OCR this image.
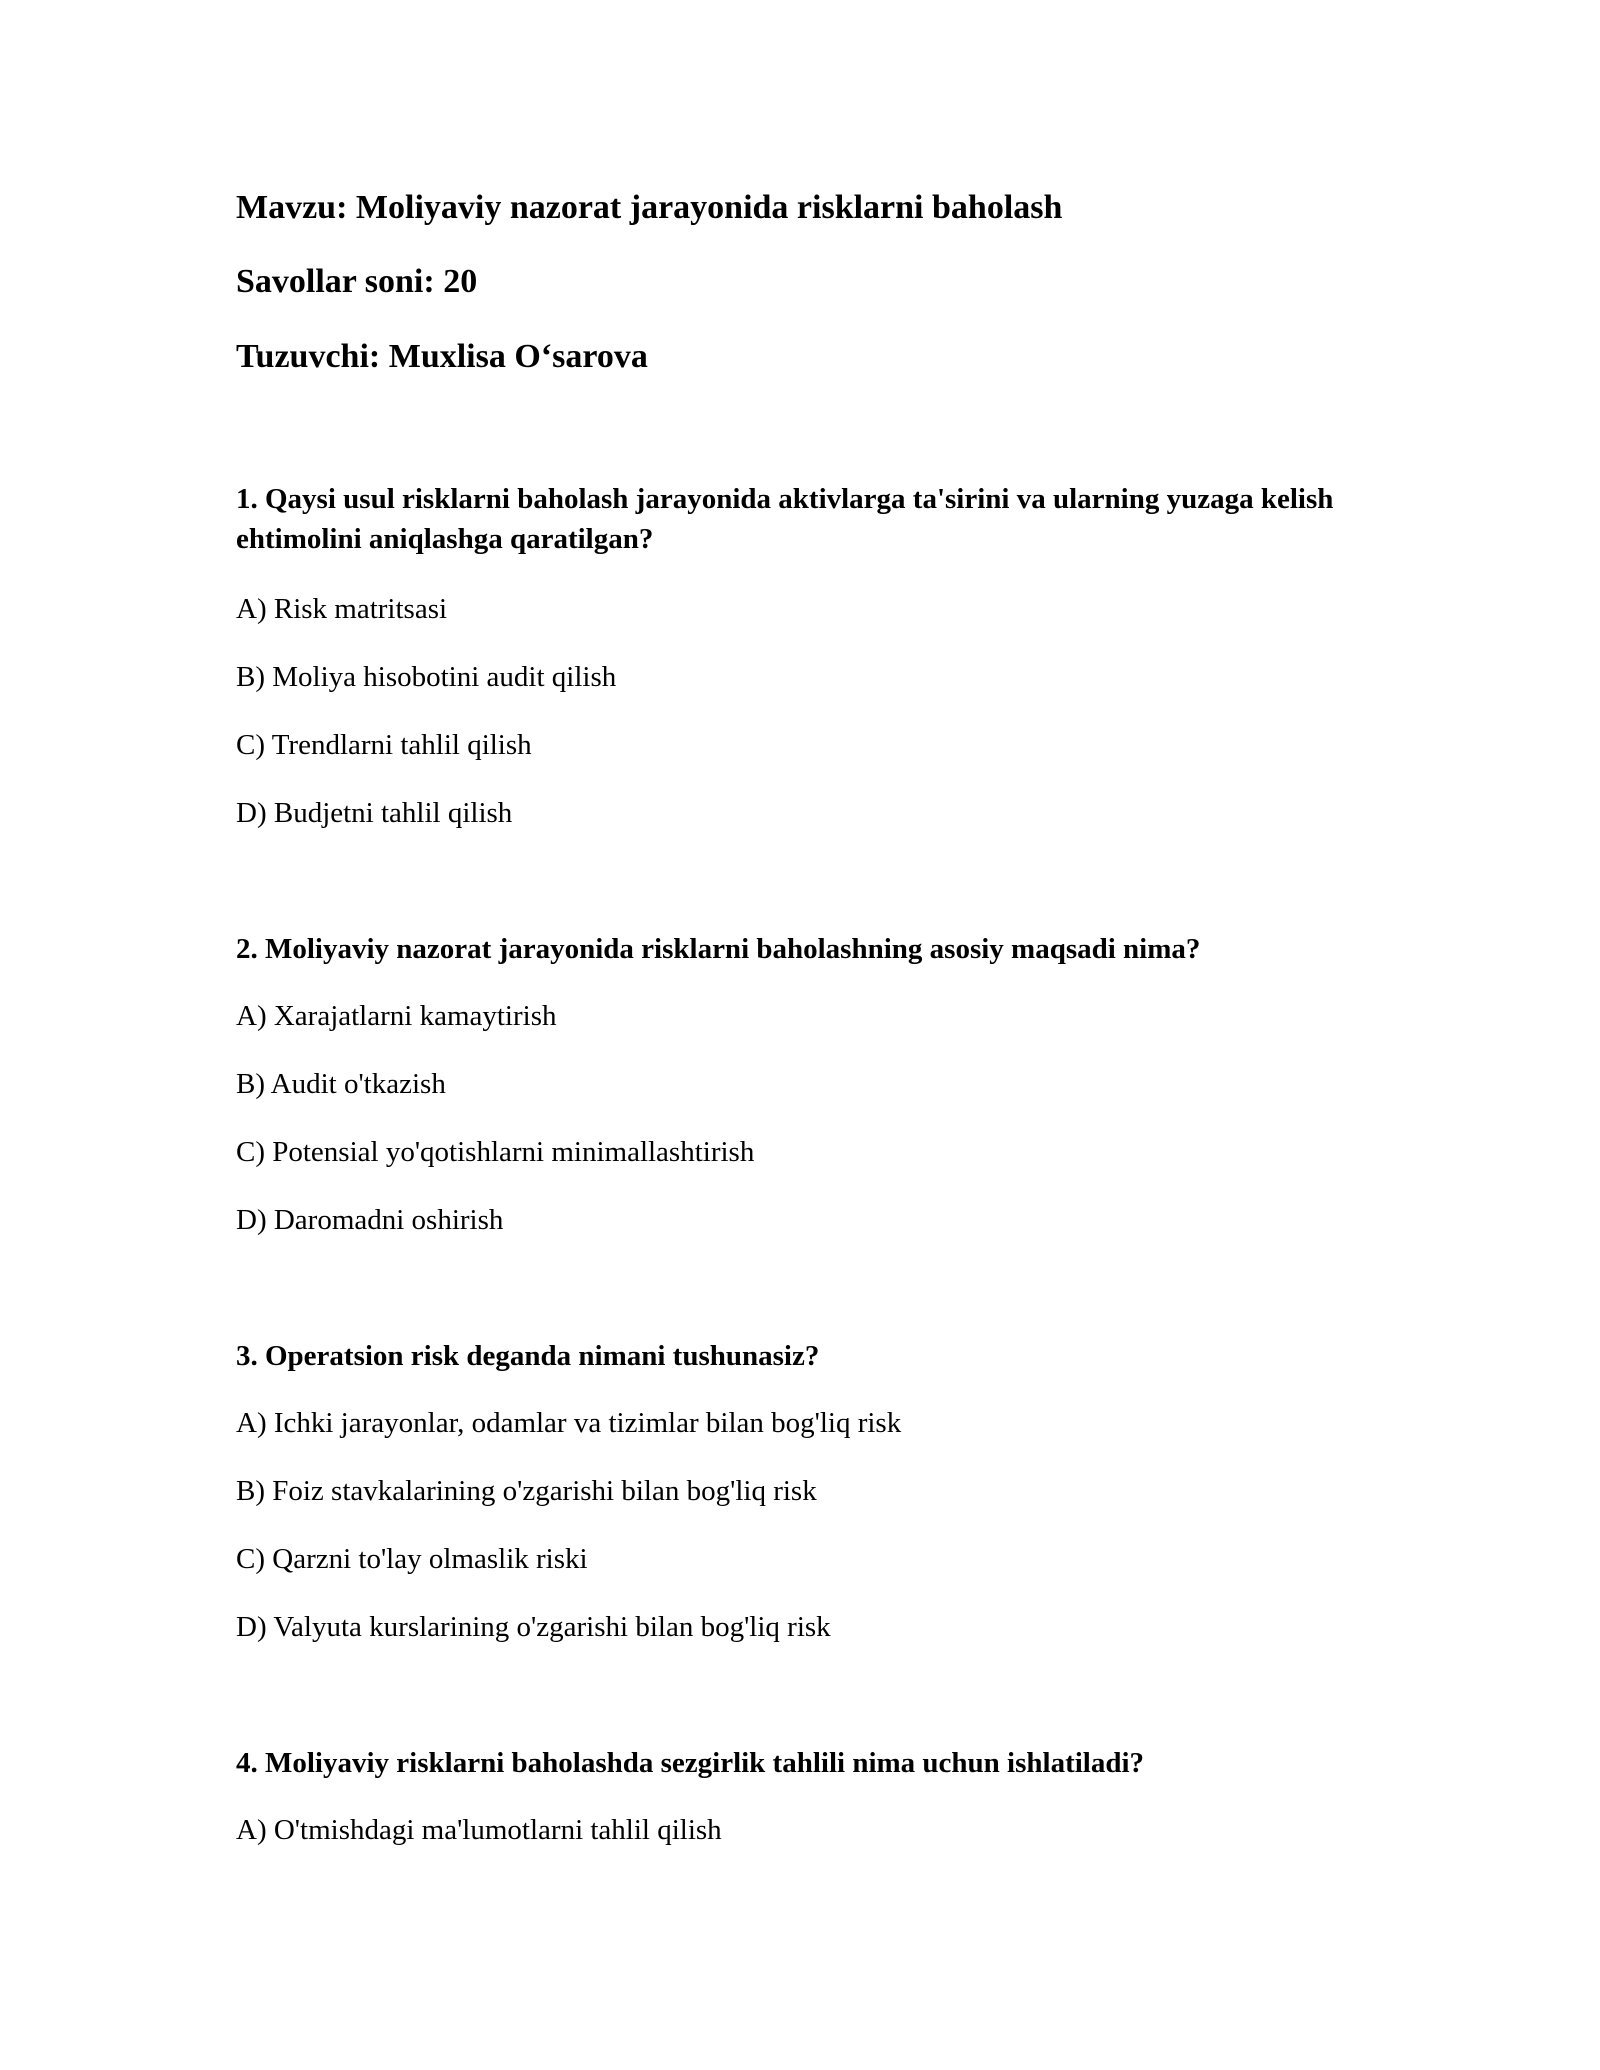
Mavzu: Moliyaviy nazorat jarayonida risklarni baholash
Savollar soni: 20
Tuzuvchi: Muxlisa O‘sarova
1. Qaysi usul risklarni baholash jarayonida aktivlarga ta'sirini va ularning yuzaga kelish ehtimolini aniqlashga qaratilgan?
A) Risk matritsasi
B) Moliya hisobotini audit qilish
C) Trendlarni tahlil qilish
D) Budjetni tahlil qilish
2. Moliyaviy nazorat jarayonida risklarni baholashning asosiy maqsadi nima?
A) Xarajatlarni kamaytirish
B) Audit o'tkazish
C) Potensial yo'qotishlarni minimallashtirish
D) Daromadni oshirish
3. Operatsion risk deganda nimani tushunasiz?
A) Ichki jarayonlar, odamlar va tizimlar bilan bog'liq risk
B) Foiz stavkalarining o'zgarishi bilan bog'liq risk
C) Qarzni to'lay olmaslik riski
D) Valyuta kurslarining o'zgarishi bilan bog'liq risk
4. Moliyaviy risklarni baholashda sezgirlik tahlili nima uchun ishlatiladi?
A) O'tmishdagi ma'lumotlarni tahlil qilish
